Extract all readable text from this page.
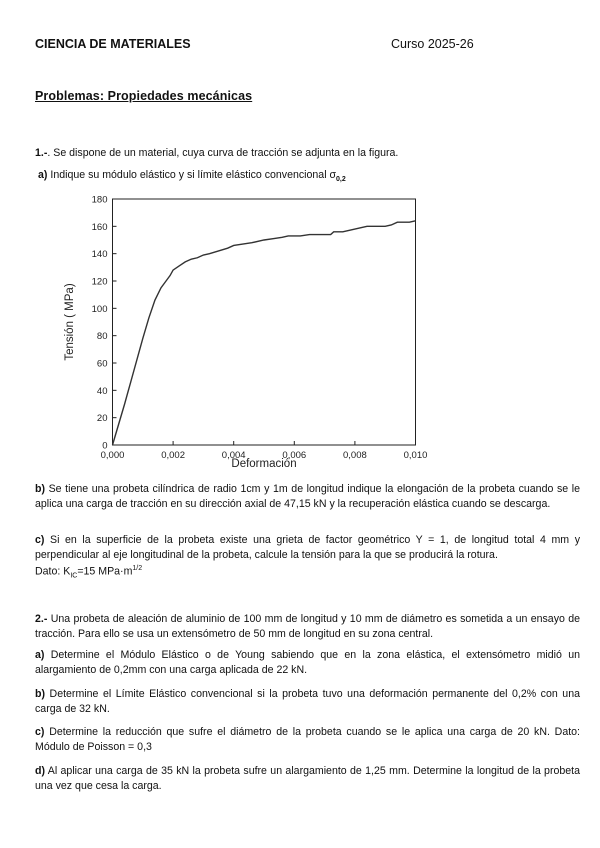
CIENCIA DE MATERIALES	Curso 2025-26
Problemas: Propiedades mecánicas
1.-. Se dispone de un material, cuya curva de tracción se adjunta en la figura.
a) Indique su módulo elástico y si límite elástico convencional $\sigma_{0,2}$
0
20
40
60
80
100
120
140
160
180
0,000	0,002	0,004	0,006	0,008	0,010
Deformación
Tensión ( MPa)
b) Se tiene una probeta cilíndrica de radio 1cm y 1m de longitud indique la elongación de la probeta cuando se le aplica una carga de tracción en su dirección axial de 47,15 kN y la recuperación elástica cuando se descarga.
c) Si en la superficie de la probeta existe una grieta de factor geométrico Y = 1, de longitud total 4 mm y perpendicular al eje longitudinal de la probeta, calcule la tensión para la que se producirá la rotura.
Dato: $K_{IC}=15$ $MPa\cdot m^{1/2}$
2.- Una probeta de aleación de aluminio de 100 mm de longitud y 10 mm de diámetro es sometida a un ensayo de tracción. Para ello se usa un extensómetro de 50 mm de longitud en su zona central.
a) Determine el Módulo Elástico o de Young sabiendo que en la zona elástica, el extensómetro midió un alargamiento de 0,2mm con una carga aplicada de 22 kN.
b) Determine el Límite Elástico convencional si la probeta tuvo una deformación permanente del 0,2% con una carga de 32 kN.
c) Determine la reducción que sufre el diámetro de la probeta cuando se le aplica una carga de 20 kN. Dato: Módulo de Poisson = 0,3
d) Al aplicar una carga de 35 kN la probeta sufre un alargamiento de 1,25 mm. Determine la longitud de la probeta una vez que cesa la carga.
